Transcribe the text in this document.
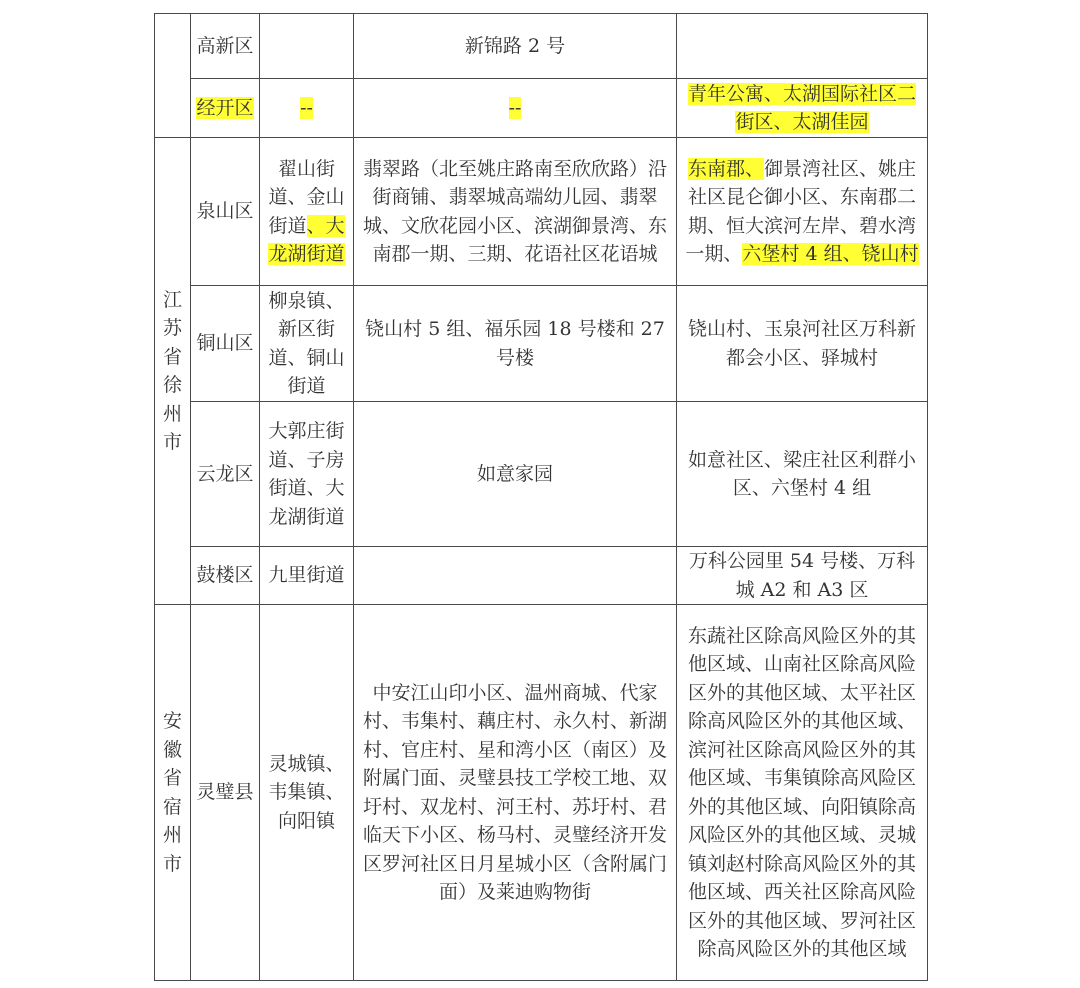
	高新区		新锦路 2 号	
	经开区	--	--	青年公寓、太湖国际社区二街区、太湖佳园
江苏省徐州市	泉山区	翟山街道、金山街道、大龙湖街道	翡翠路（北至姚庄路南至欣欣路）沿街商铺、翡翠城高端幼儿园、翡翠城、文欣花园小区、滨湖御景湾、东南郡一期、三期、花语社区花语城	东南郡、御景湾社区、姚庄社区昆仑御小区、东南郡二期、恒大滨河左岸、碧水湾一期、六堡村 4 组、铙山村
	铜山区	柳泉镇、新区街道、铜山街道	铙山村 5 组、福乐园 18 号楼和 27 号楼	铙山村、玉泉河社区万科新都会小区、驿城村
	云龙区	大郭庄街道、子房街道、大龙湖街道	如意家园	如意社区、梁庄社区利群小区、六堡村 4 组
	鼓楼区	九里街道		万科公园里 54 号楼、万科城 A2 和 A3 区
安徽省宿州市	灵璧县	灵城镇、韦集镇、向阳镇	中安江山印小区、温州商城、代家村、韦集村、藕庄村、永久村、新湖村、官庄村、星和湾小区（南区）及附属门面、灵璧县技工学校工地、双圩村、双龙村、河王村、苏圩村、君临天下小区、杨马村、灵璧经济开发区罗河社区日月星城小区（含附属门面）及莱迪购物街	东蔬社区除高风险区外的其他区域、山南社区除高风险区外的其他区域、太平社区除高风险区外的其他区域、滨河社区除高风险区外的其他区域、韦集镇除高风险区外的其他区域、向阳镇除高风险区外的其他区域、灵城镇刘赵村除高风险区外的其他区域、西关社区除高风险区外的其他区域、罗河社区除高风险区外的其他区域
